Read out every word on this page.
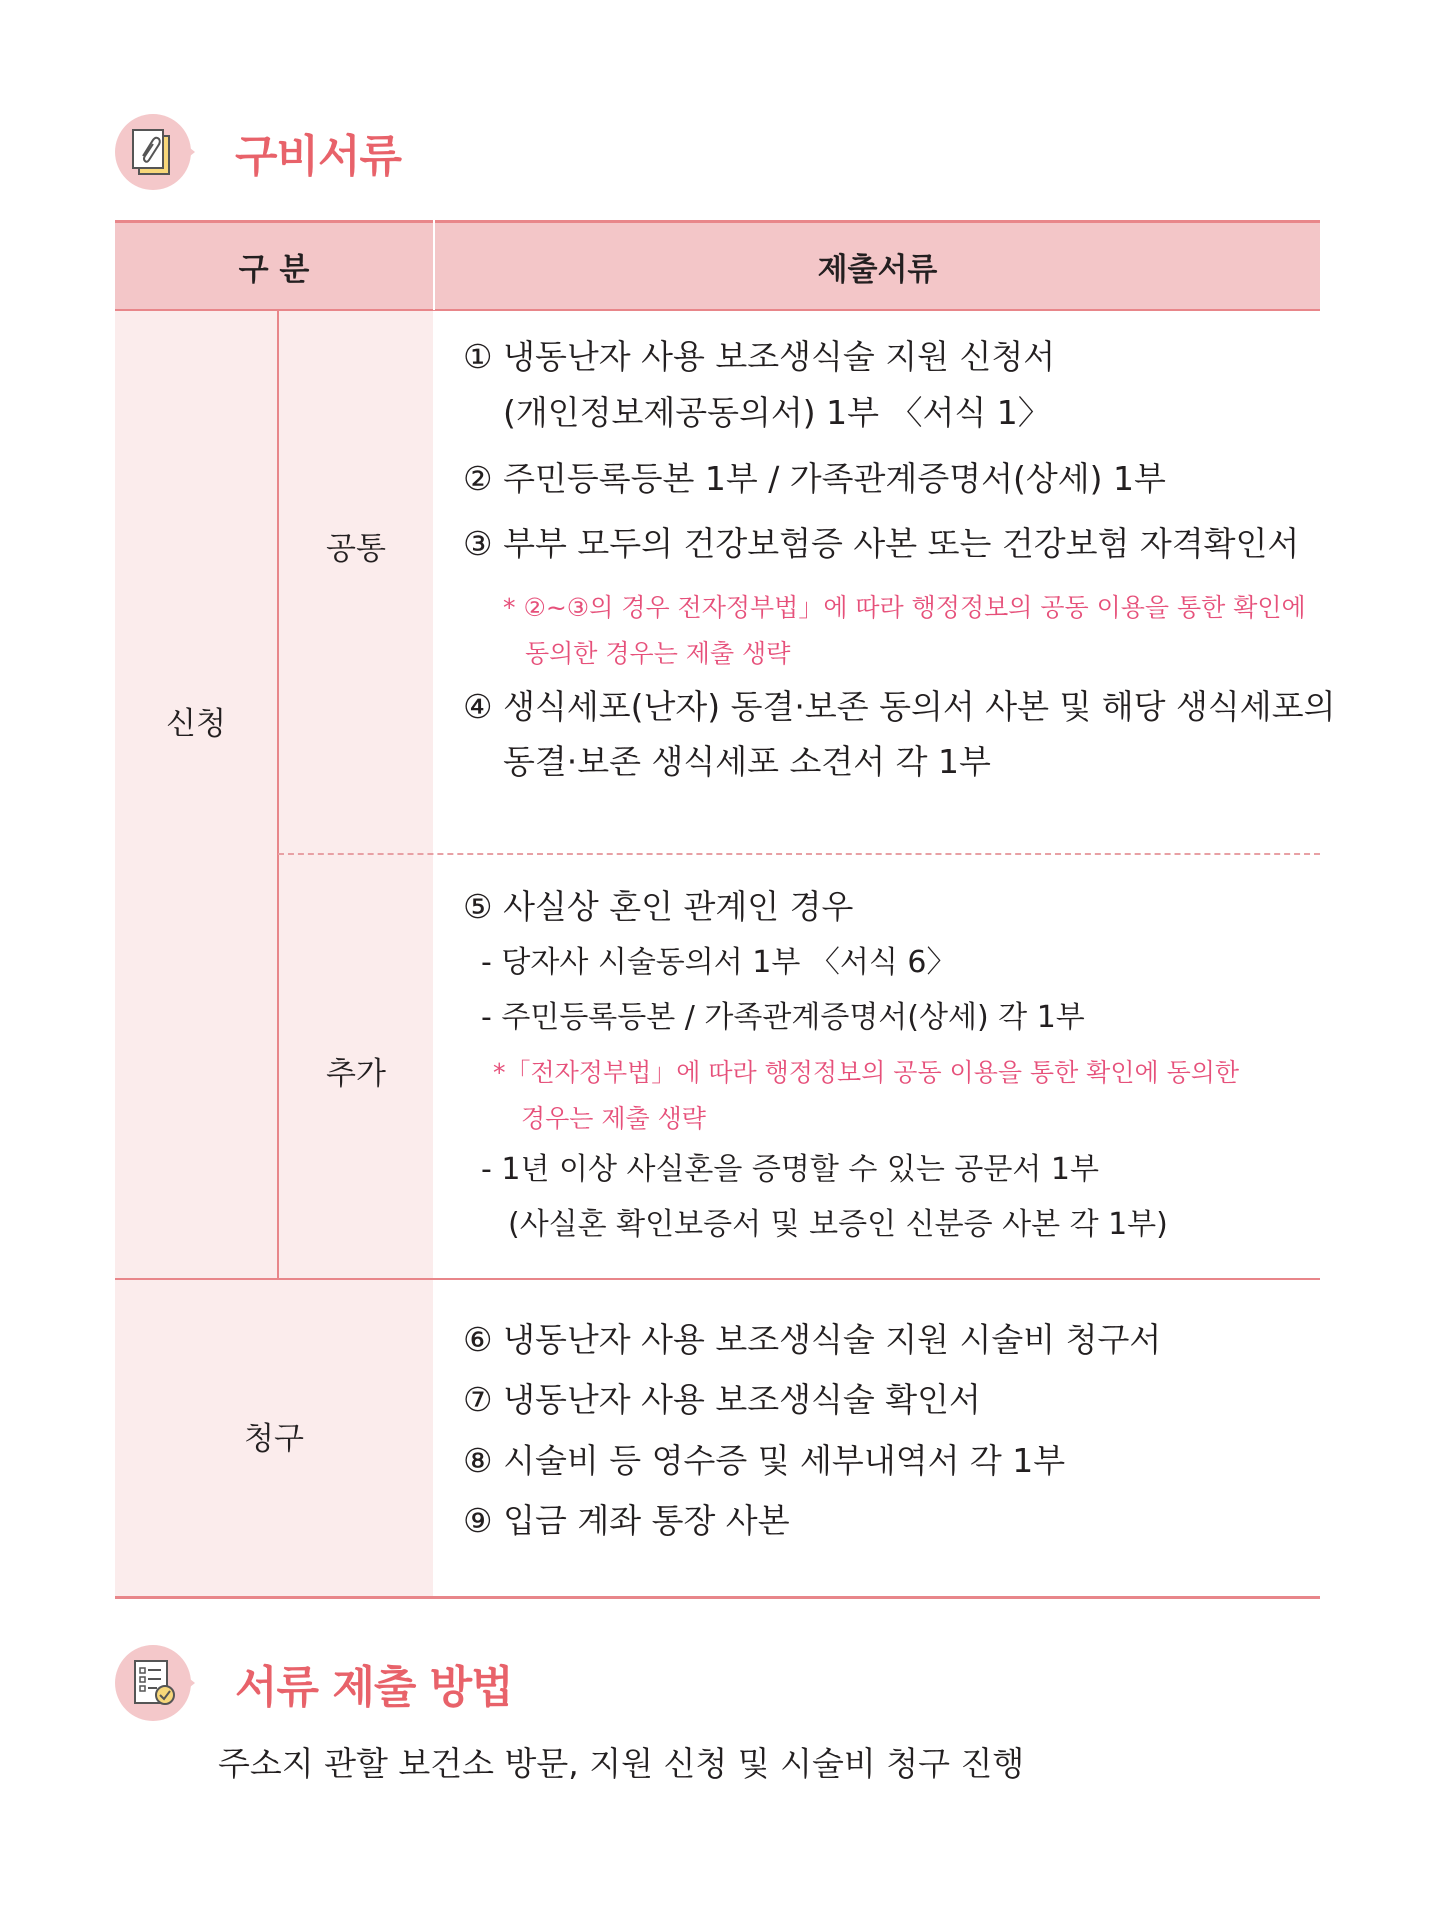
구비서류
구 분	제출서류
신청
공통
추가
청구
① 냉동난자 사용 보조생식술 지원 신청서
(개인정보제공동의서) 1부 〈서식 1〉
② 주민등록등본 1부 / 가족관계증명서(상세) 1부
③ 부부 모두의 건강보험증 사본 또는 건강보험 자격확인서
* ②~③의 경우 전자정부법」에 따라 행정정보의 공동 이용을 통한 확인에
동의한 경우는 제출 생략
④ 생식세포(난자) 동결·보존 동의서 사본 및 해당 생식세포의
동결·보존 생식세포 소견서 각 1부
⑤ 사실상 혼인 관계인 경우
- 당자사 시술동의서 1부 〈서식 6〉
- 주민등록등본 / 가족관계증명서(상세) 각 1부
*「전자정부법」에 따라 행정정보의 공동 이용을 통한 확인에 동의한
경우는 제출 생략
- 1년 이상 사실혼을 증명할 수 있는 공문서 1부
(사실혼 확인보증서 및 보증인 신분증 사본 각 1부)
⑥ 냉동난자 사용 보조생식술 지원 시술비 청구서
⑦ 냉동난자 사용 보조생식술 확인서
⑧ 시술비 등 영수증 및 세부내역서 각 1부
⑨ 입금 계좌 통장 사본
서류 제출 방법
주소지 관할 보건소 방문, 지원 신청 및 시술비 청구 진행
